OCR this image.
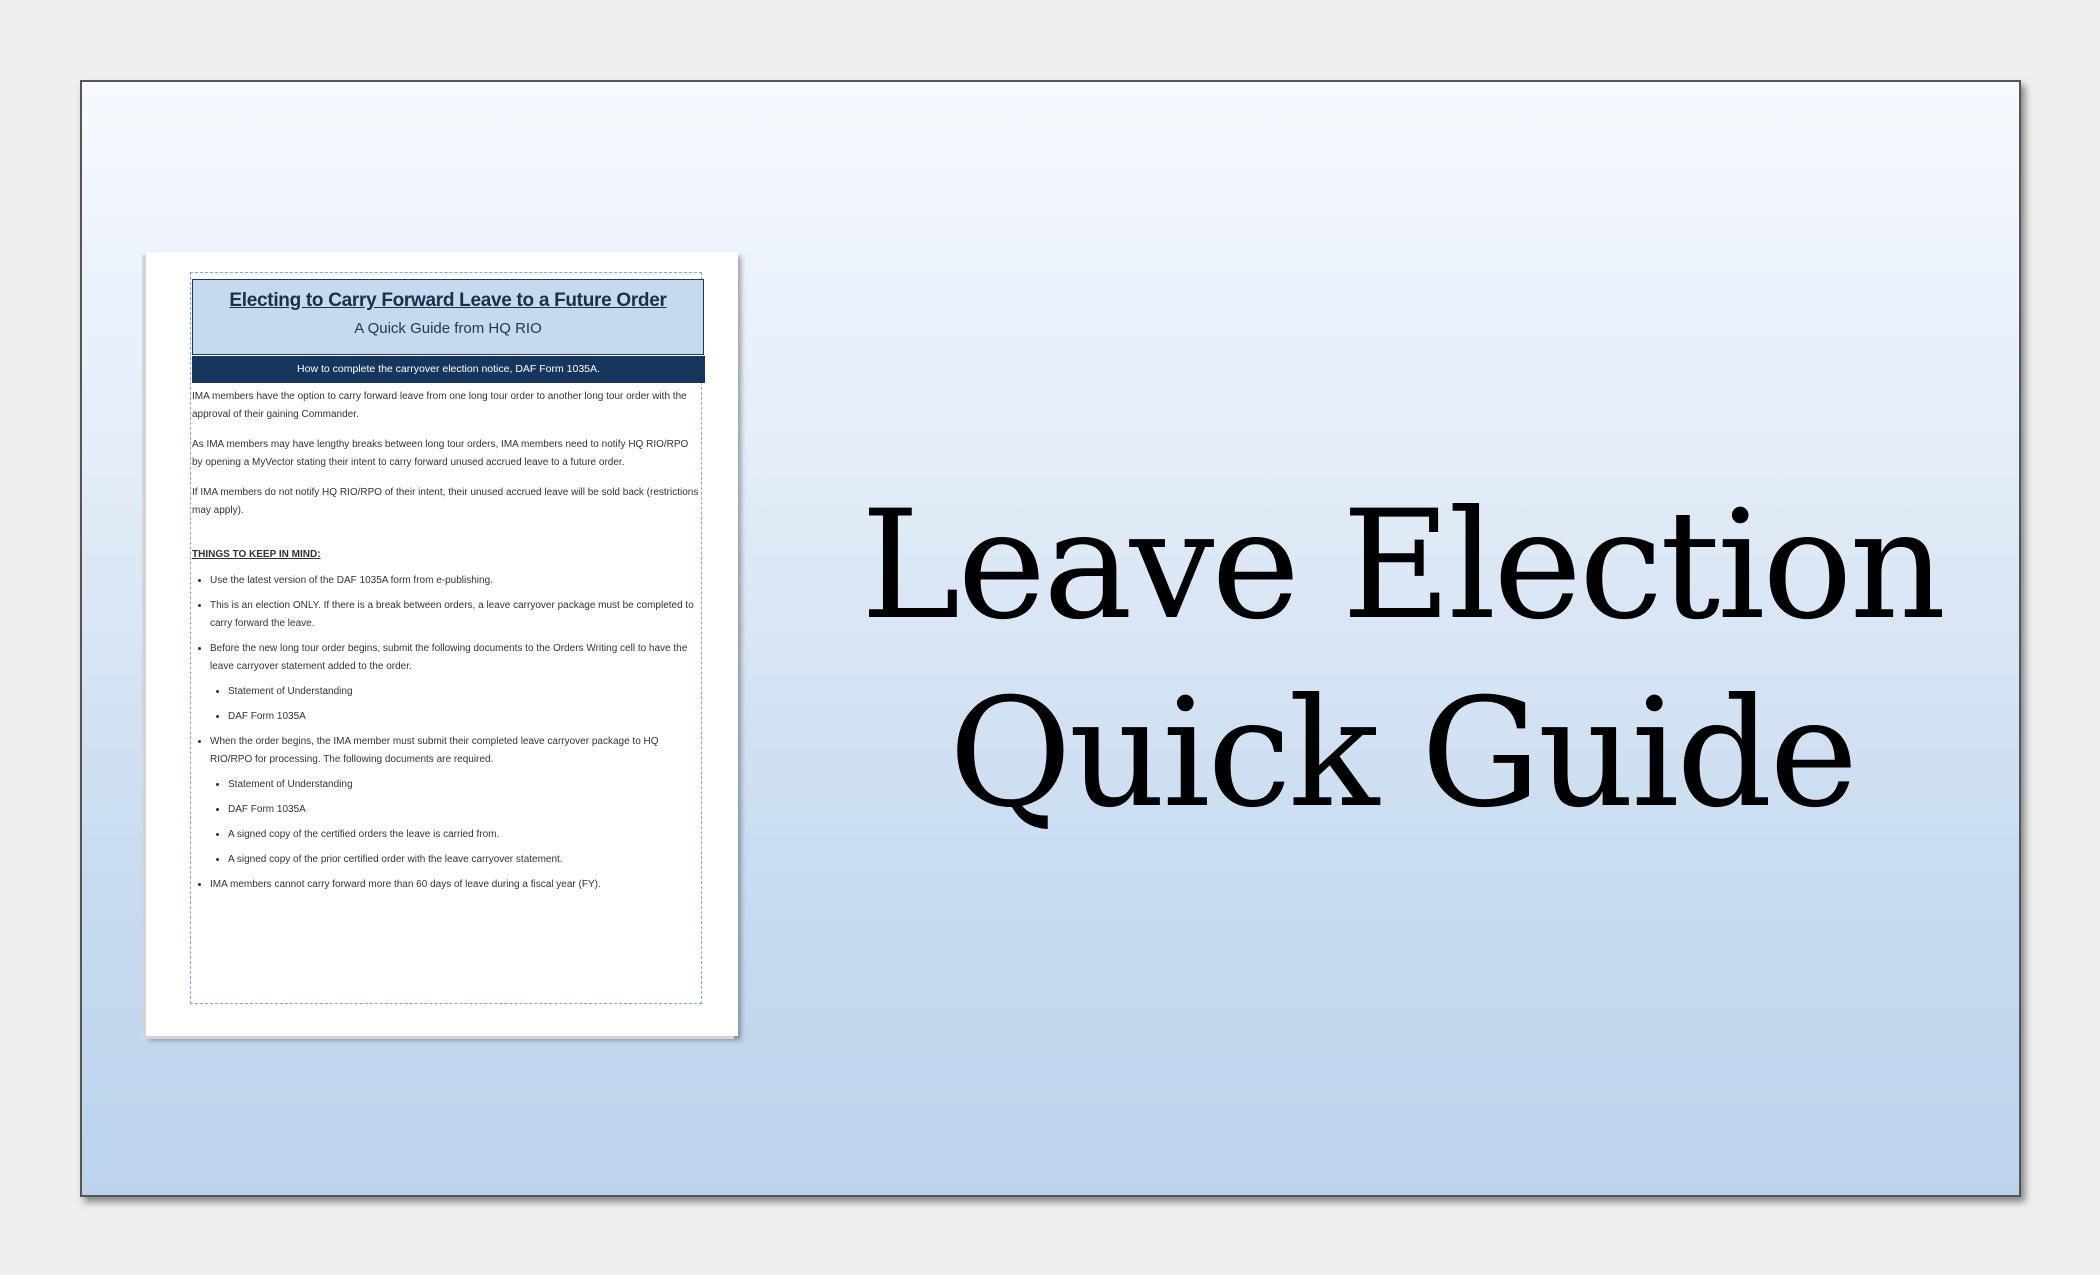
Electing to Carry Forward Leave to a Future Order
A Quick Guide from HQ RIO
How to complete the carryover election notice, DAF Form 1035A.

IMA members have the option to carry forward leave from one long tour order to another long tour order with the approval of their gaining Commander.

As IMA members may have lengthy breaks between long tour orders, IMA members need to notify HQ RIO/RPO by opening a MyVector stating their intent to carry forward unused accrued leave to a future order.

If IMA members do not notify HQ RIO/RPO of their intent, their unused accrued leave will be sold back (restrictions may apply).

THINGS TO KEEP IN MIND:
• Use the latest version of the DAF 1035A form from e-publishing.
• This is an election ONLY. If there is a break between orders, a leave carryover package must be completed to carry forward the leave.
• Before the new long tour order begins, submit the following documents to the Orders Writing cell to have the leave carryover statement added to the order.
• Statement of Understanding
• DAF Form 1035A
• When the order begins, the IMA member must submit their completed leave carryover package to HQ RIO/RPO for processing. The following documents are required.
• Statement of Understanding
• DAF Form 1035A
• A signed copy of the certified orders the leave is carried from.
• A signed copy of the prior certified order with the leave carryover statement.
• IMA members cannot carry forward more than 60 days of leave during a fiscal year (FY).
Leave Election
Quick Guide
